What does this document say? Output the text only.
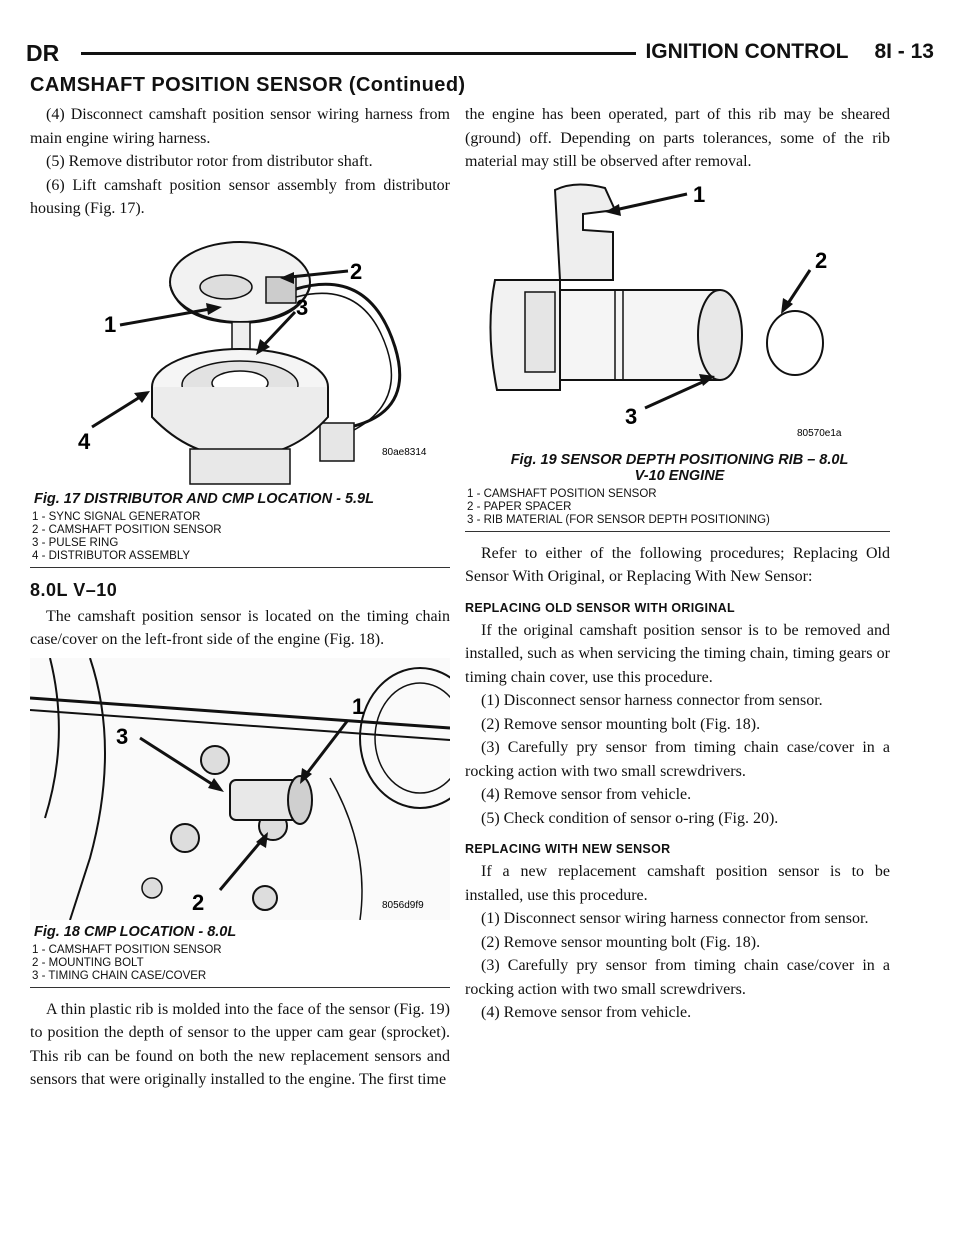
DR	IGNITION CONTROL 8I - 13
CAMSHAFT POSITION SENSOR (Continued)

(4) Disconnect camshaft position sensor wiring harness from main engine wiring harness.

(5) Remove distributor rotor from distributor shaft.

(6) Lift camshaft position sensor assembly from distributor housing (Fig. 17).

2
1
3
4	80ae8314
Fig. 17 DISTRIBUTOR AND CMP LOCATION - 5.9L
1 - SYNC SIGNAL GENERATOR
2 - CAMSHAFT POSITION SENSOR
3 - PULSE RING
4 - DISTRIBUTOR ASSEMBLY
8.0L V–10

The camshaft position sensor is located on the timing chain case/cover on the left-front side of the engine (Fig. 18).

1
3
2	8056d9f9
Fig. 18 CMP LOCATION - 8.0L
1 - CAMSHAFT POSITION SENSOR
2 - MOUNTING BOLT
3 - TIMING CHAIN CASE/COVER

A thin plastic rib is molded into the face of the sensor (Fig. 19) to position the depth of sensor to the upper cam gear (sprocket). This rib can be found on both the new replacement sensors and sensors that were originally installed to the engine. The first time

the engine has been operated, part of this rib may be sheared (ground) off. Depending on parts tolerances, some of the rib material may still be observed after removal.

1
2
3
80570e1a
Fig. 19 SENSOR DEPTH POSITIONING RIB – 8.0L
V-10 ENGINE
1 - CAMSHAFT POSITION SENSOR
2 - PAPER SPACER
3 - RIB MATERIAL (FOR SENSOR DEPTH POSITIONING)

Refer to either of the following procedures; Replacing Old Sensor With Original, or Replacing With New Sensor:

REPLACING OLD SENSOR WITH ORIGINAL

If the original camshaft position sensor is to be removed and installed, such as when servicing the timing chain, timing gears or timing chain cover, use this procedure.

(1) Disconnect sensor harness connector from sensor.

(2) Remove sensor mounting bolt (Fig. 18).

(3) Carefully pry sensor from timing chain case/cover in a rocking action with two small screwdrivers.

(4) Remove sensor from vehicle.

(5) Check condition of sensor o-ring (Fig. 20).

REPLACING WITH NEW SENSOR

If a new replacement camshaft position sensor is to be installed, use this procedure.

(1) Disconnect sensor wiring harness connector from sensor.

(2) Remove sensor mounting bolt (Fig. 18).

(3) Carefully pry sensor from timing chain case/cover in a rocking action with two small screwdrivers.

(4) Remove sensor from vehicle.
